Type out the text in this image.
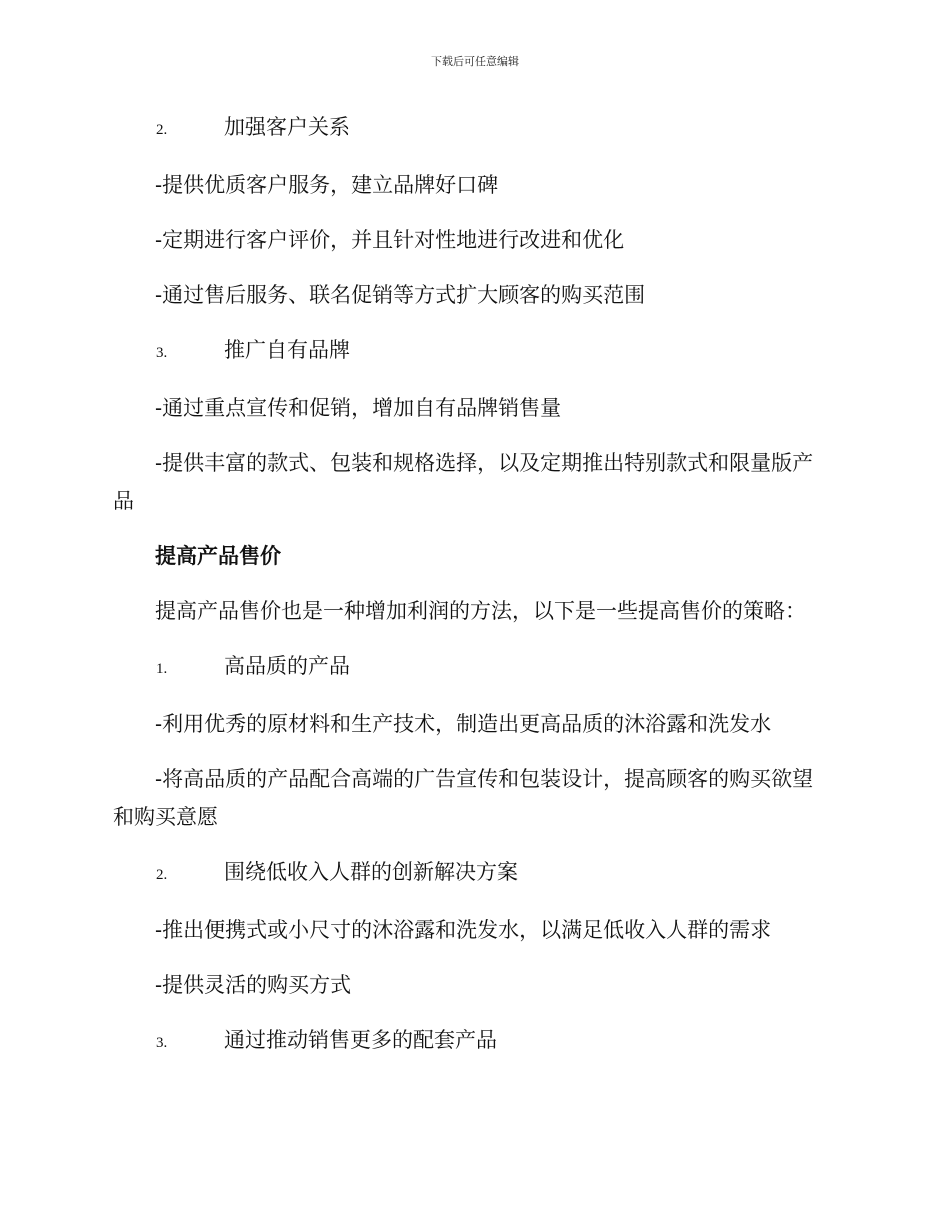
下载后可任意编辑
2.	加强客户关系

-提供优质客户服务，建立品牌好口碑

-定期进行客户评价，并且针对性地进行改进和优化

-通过售后服务、联名促销等方式扩大顾客的购买范围

3.	推广自有品牌

-通过重点宣传和促销，增加自有品牌销售量

-提供丰富的款式、包装和规格选择，以及定期推出特别款式和限量版产品

提高产品售价

提高产品售价也是一种增加利润的方法，以下是一些提高售价的策略：

1.	高品质的产品

-利用优秀的原材料和生产技术，制造出更高品质的沐浴露和洗发水

-将高品质的产品配合高端的广告宣传和包装设计，提高顾客的购买欲望和购买意愿

2.	围绕低收入人群的创新解决方案

-推出便携式或小尺寸的沐浴露和洗发水，以满足低收入人群的需求

-提供灵活的购买方式

3.	通过推动销售更多的配套产品
